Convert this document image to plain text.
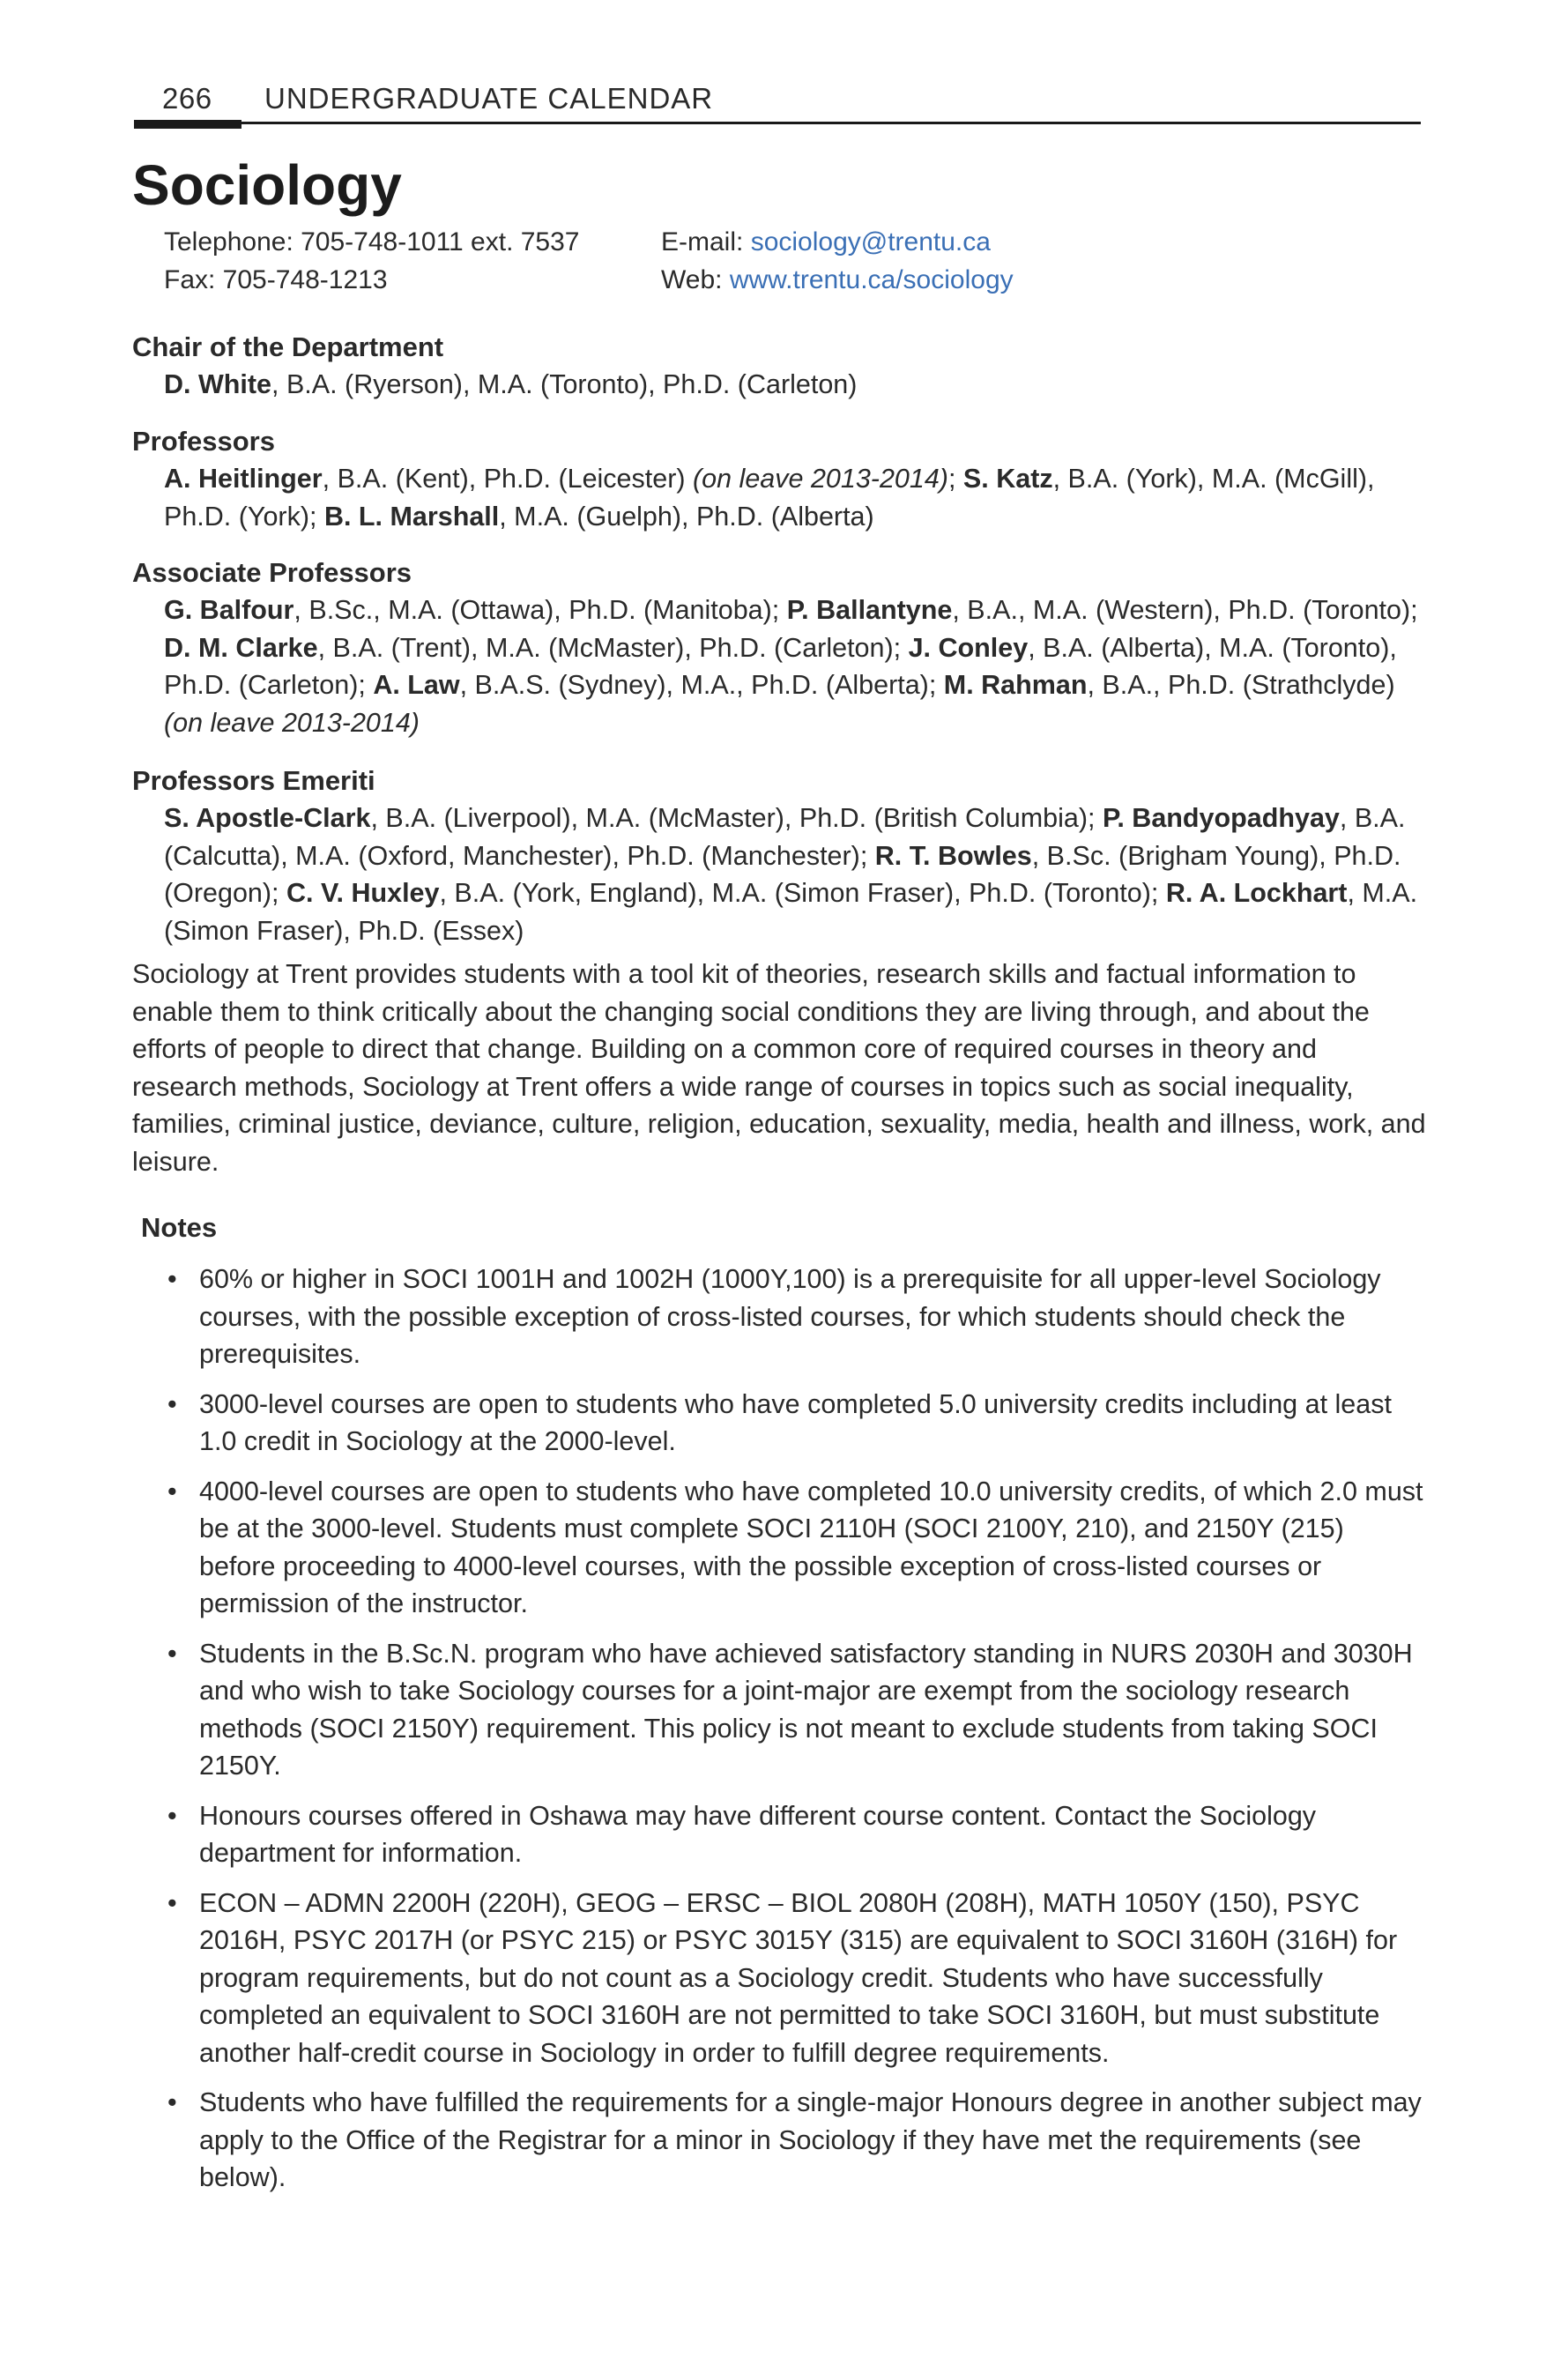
266 UNDERGRADUATE CALENDAR
Sociology
Telephone: 705-748-1011 ext. 7537
Fax: 705-748-1213
E-mail: sociology@trentu.ca
Web: www.trentu.ca/sociology

Chair of the Department

D. White, B.A. (Ryerson), M.A. (Toronto), Ph.D. (Carleton)

Professors

A. Heitlinger, B.A. (Kent), Ph.D. (Leicester) (on leave 2013-2014); S. Katz, B.A. (York), M.A. (McGill), Ph.D. (York); B. L. Marshall, M.A. (Guelph), Ph.D. (Alberta)

Associate Professors

G. Balfour, B.Sc., M.A. (Ottawa), Ph.D. (Manitoba); P. Ballantyne, B.A., M.A. (Western), Ph.D. (Toronto); D. M. Clarke, B.A. (Trent), M.A. (McMaster), Ph.D. (Carleton); J. Conley, B.A. (Alberta), M.A. (Toronto), Ph.D. (Carleton); A. Law, B.A.S. (Sydney), M.A., Ph.D. (Alberta); M. Rahman, B.A., Ph.D. (Strathclyde) (on leave 2013-2014)

Professors Emeriti

S. Apostle-Clark, B.A. (Liverpool), M.A. (McMaster), Ph.D. (British Columbia); P. Bandyopadhyay, B.A. (Calcutta), M.A. (Oxford, Manchester), Ph.D. (Manchester); R. T. Bowles, B.Sc. (Brigham Young), Ph.D. (Oregon); C. V. Huxley, B.A. (York, England), M.A. (Simon Fraser), Ph.D. (Toronto); R. A. Lockhart, M.A. (Simon Fraser), Ph.D. (Essex)

Sociology at Trent provides students with a tool kit of theories, research skills and factual information to enable them to think critically about the changing social conditions they are living through, and about the efforts of people to direct that change. Building on a common core of required courses in theory and research methods, Sociology at Trent offers a wide range of courses in topics such as social inequality, families, criminal justice, deviance, culture, religion, education, sexuality, media, health and illness, work, and leisure.

Notes
• 60% or higher in SOCI 1001H and 1002H (1000Y,100) is a prerequisite for all upper-level Sociology courses, with the possible exception of cross-listed courses, for which students should check the prerequisites.
• 3000-level courses are open to students who have completed 5.0 university credits including at least 1.0 credit in Sociology at the 2000-level.
• 4000-level courses are open to students who have completed 10.0 university credits, of which 2.0 must be at the 3000-level. Students must complete SOCI 2110H (SOCI 2100Y, 210), and 2150Y (215) before proceeding to 4000-level courses, with the possible exception of cross-listed courses or permission of the instructor.
• Students in the B.Sc.N. program who have achieved satisfactory standing in NURS 2030H and 3030H and who wish to take Sociology courses for a joint-major are exempt from the sociology research methods (SOCI 2150Y) requirement. This policy is not meant to exclude students from taking SOCI 2150Y.
• Honours courses offered in Oshawa may have different course content. Contact the Sociology department for information.
• ECON – ADMN 2200H (220H), GEOG – ERSC – BIOL 2080H (208H), MATH 1050Y (150), PSYC 2016H, PSYC 2017H (or PSYC 215) or PSYC 3015Y (315) are equivalent to SOCI 3160H (316H) for program requirements, but do not count as a Sociology credit. Students who have successfully completed an equivalent to SOCI 3160H are not permitted to take SOCI 3160H, but must substitute another half-credit course in Sociology in order to fulfill degree requirements.
• Students who have fulfilled the requirements for a single-major Honours degree in another subject may apply to the Office of the Registrar for a minor in Sociology if they have met the requirements (see below).
